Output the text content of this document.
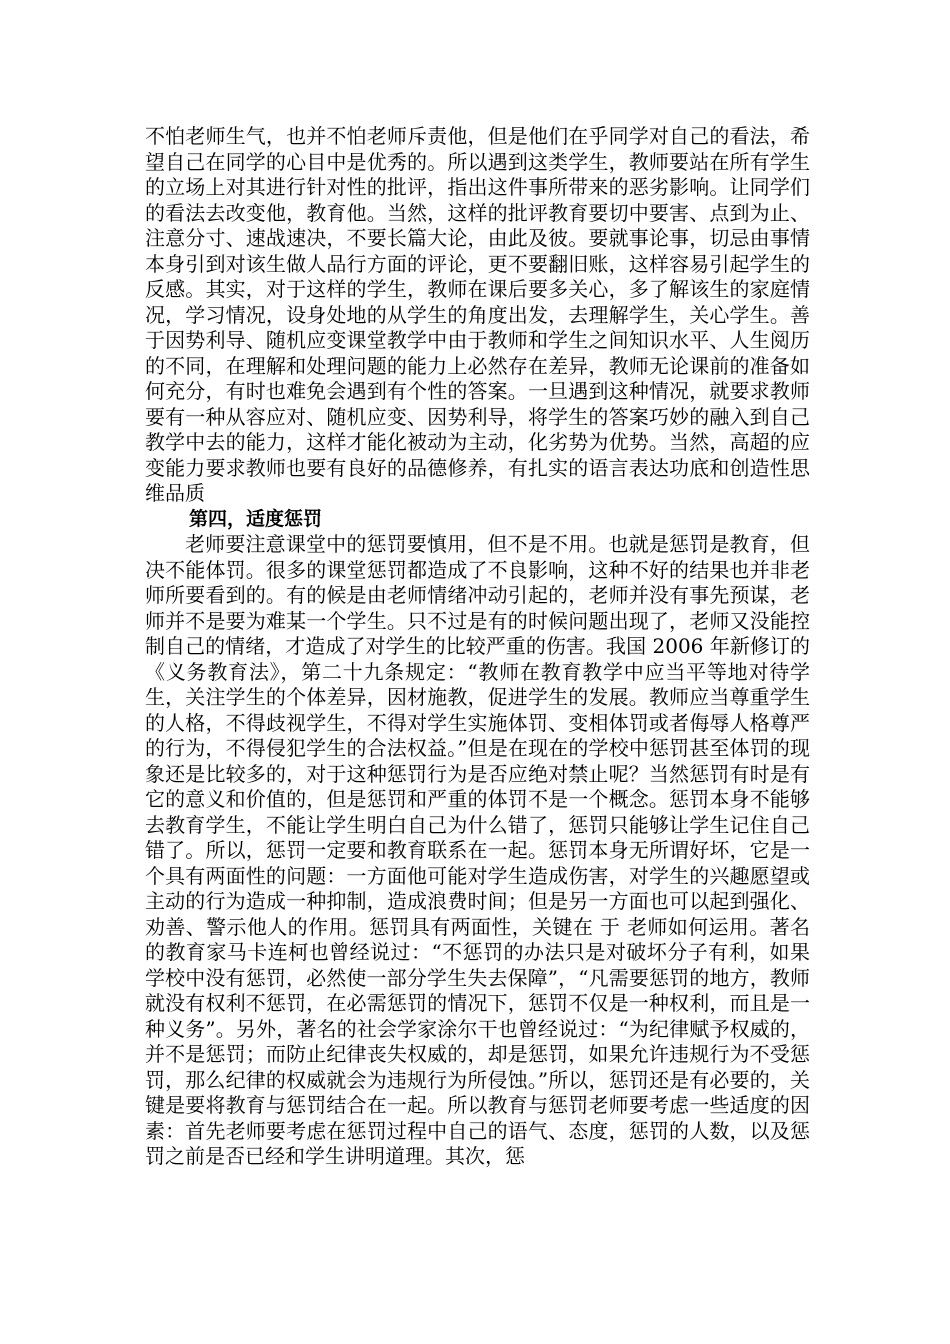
不怕老师生气，也并不怕老师斥责他，但是他们在乎同学对自己的看法，希望自己在同学的心目中是优秀的。所以遇到这类学生，教师要站在所有学生的立场上对其进行针对性的批评，指出这件事所带来的恶劣影响。让同学们的看法去改变他，教育他。当然，这样的批评教育要切中要害、点到为止、注意分寸、速战速决，不要长篇大论，由此及彼。要就事论事，切忌由事情本身引到对该生做人品行方面的评论，更不要翻旧账，这样容易引起学生的反感。其实，对于这样的学生，教师在课后要多关心，多了解该生的家庭情况，学习情况，设身处地的从学生的角度出发，去理解学生，关心学生。善于因势利导、随机应变课堂教学中由于教师和学生之间知识水平、人生阅历的不同，在理解和处理问题的能力上必然存在差异，教师无论课前的准备如何充分，有时也难免会遇到有个性的答案。一旦遇到这种情况，就要求教师要有一种从容应对、随机应变、因势利导，将学生的答案巧妙的融入到自己教学中去的能力，这样才能化被动为主动，化劣势为优势。当然，高超的应变能力要求教师也要有良好的品德修养，有扎实的语言表达功底和创造性思维品质

第四，适度惩罚

老师要注意课堂中的惩罚要慎用，但不是不用。也就是惩罚是教育，但决不能体罚。很多的课堂惩罚都造成了不良影响，这种不好的结果也并非老师所要看到的。有的候是由老师情绪冲动引起的，老师并没有事先预谋，老师并不是要为难某一个学生。只不过是有的时候问题出现了，老师又没能控制自己的情绪，才造成了对学生的比较严重的伤害。我国 2006 年新修订的《义务教育法》，第二十九条规定：“教师在教育教学中应当平等地对待学生，关注学生的个体差异，因材施教，促进学生的发展。教师应当尊重学生的人格，不得歧视学生，不得对学生实施体罚、变相体罚或者侮辱人格尊严的行为，不得侵犯学生的合法权益。”但是在现在的学校中惩罚甚至体罚的现象还是比较多的，对于这种惩罚行为是否应绝对禁止呢？当然惩罚有时是有它的意义和价值的，但是惩罚和严重的体罚不是一个概念。惩罚本身不能够去教育学生，不能让学生明白自己为什么错了，惩罚只能够让学生记住自己错了。所以，惩罚一定要和教育联系在一起。惩罚本身无所谓好坏，它是一个具有两面性的问题：一方面他可能对学生造成伤害，对学生的兴趣愿望或主动的行为造成一种抑制，造成浪费时间；但是另一方面也可以起到强化、劝善、警示他人的作用。惩罚具有两面性，关键在 于 老师如何运用。著名的教育家马卡连柯也曾经说过：“不惩罚的办法只是对破坏分子有利，如果学校中没有惩罚，必然使一部分学生失去保障”，“凡需要惩罚的地方，教师就没有权利不惩罚，在必需惩罚的情况下，惩罚不仅是一种权利，而且是一种义务”。另外，著名的社会学家涂尔干也曾经说过：“为纪律赋予权威的，并不是惩罚；而防止纪律丧失权威的，却是惩罚，如果允许违规行为不受惩罚，那么纪律的权威就会为违规行为所侵蚀。”所以，惩罚还是有必要的，关键是要将教育与惩罚结合在一起。所以教育与惩罚老师要考虑一些适度的因素：首先老师要考虑在惩罚过程中自己的语气、态度，惩罚的人数，以及惩罚之前是否已经和学生讲明道理。其次，惩
